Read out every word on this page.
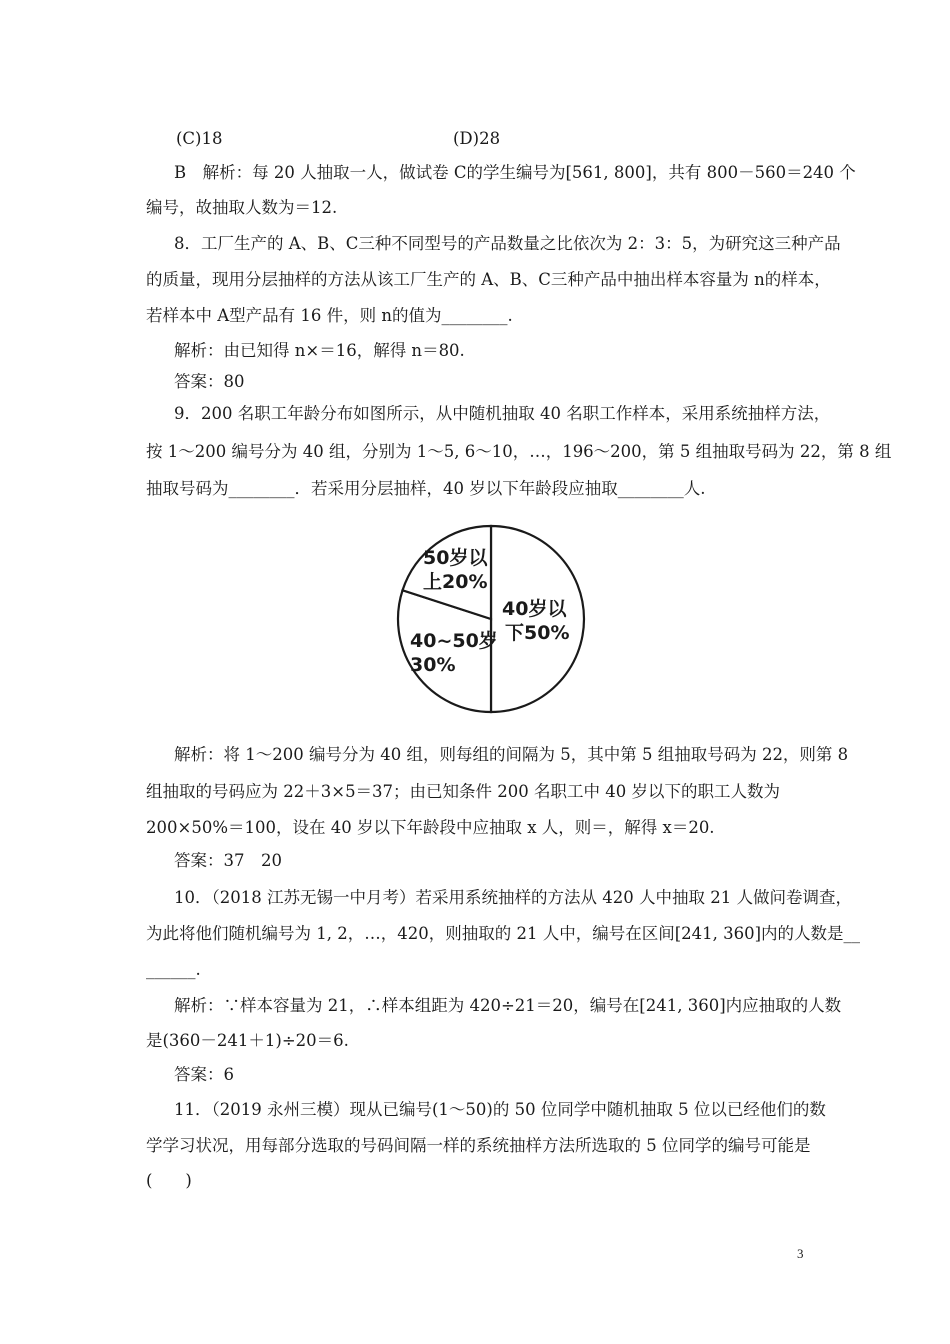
(C)18	(D)28
B　解析：每 20 人抽取一人，做试卷 C的学生编号为[561, 800]，共有 800－560＝240 个
编号，故抽取人数为＝12.
8．工厂生产的 A、B、C三种不同型号的产品数量之比依次为 2：3：5，为研究这三种产品
的质量，现用分层抽样的方法从该工厂生产的 A、B、C三种产品中抽出样本容量为 n的样本，
若样本中 A型产品有 16 件，则 n的值为________.
解析：由已知得 n×＝16，解得 n＝80.
答案：80
9．200 名职工年龄分布如图所示，从中随机抽取 40 名职工作样本，采用系统抽样方法，
按 1～200 编号分为 40 组，分别为 1～5, 6～10，…，196～200，第 5 组抽取号码为 22，第 8 组
抽取号码为________．若采用分层抽样，40 岁以下年龄段应抽取________人.
40岁以
下50%
40~50岁
30%
50岁以
上20%
解析：将 1～200 编号分为 40 组，则每组的间隔为 5，其中第 5 组抽取号码为 22，则第 8
组抽取的号码应为 22＋3×5＝37；由已知条件 200 名职工中 40 岁以下的职工人数为
200×50%＝100，设在 40 岁以下年龄段中应抽取 x 人，则＝，解得 x＝20.
答案：37　20
10．（2018 江苏无锡一中月考）若采用系统抽样的方法从 420 人中抽取 21 人做问卷调查，
为此将他们随机编号为 1, 2，…，420，则抽取的 21 人中，编号在区间[241, 360]内的人数是__
______.
解析：∵样本容量为 21，∴样本组距为 420÷21＝20，编号在[241, 360]内应抽取的人数
是(360－241＋1)÷20＝6.
答案：6
11．（2019 永州三模）现从已编号(1～50)的 50 位同学中随机抽取 5 位以已经他们的数
学学习状况，用每部分选取的号码间隔一样的系统抽样方法所选取的 5 位同学的编号可能是
(　　)
3
